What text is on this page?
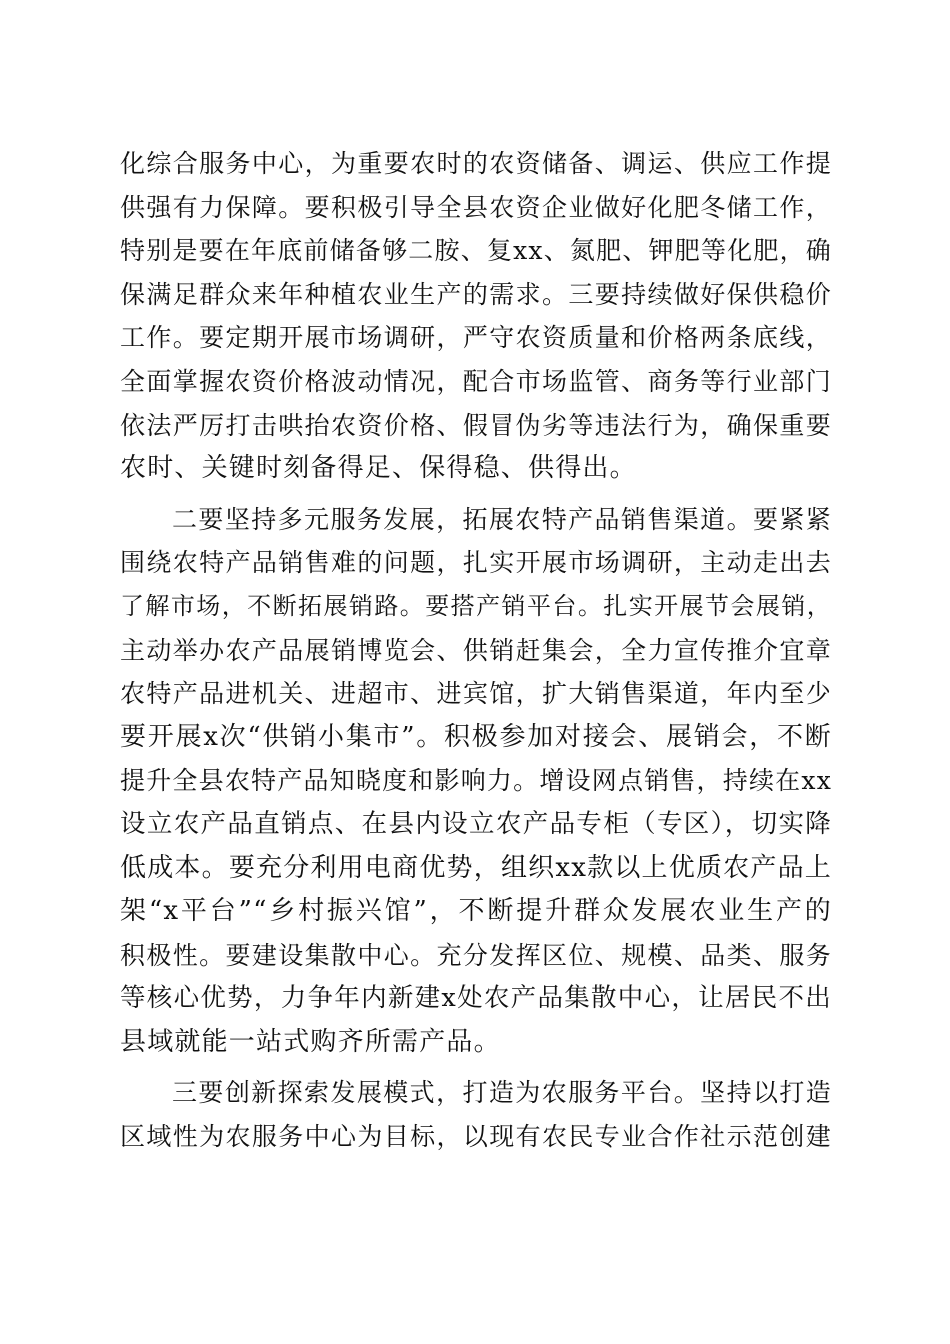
化综合服务中心，为重要农时的农资储备、调运、供应工作提
供强有力保障。要积极引导全县农资企业做好化肥冬储工作，
特别是要在年底前储备够二胺、复xx、氮肥、钾肥等化肥，确
保满足群众来年种植农业生产的需求。三要持续做好保供稳价
工作。要定期开展市场调研，严守农资质量和价格两条底线，
全面掌握农资价格波动情况，配合市场监管、商务等行业部门
依法严厉打击哄抬农资价格、假冒伪劣等违法行为，确保重要
农时、关键时刻备得足、保得稳、供得出。
二要坚持多元服务发展，拓展农特产品销售渠道。要紧紧
围绕农特产品销售难的问题，扎实开展市场调研，主动走出去
了解市场，不断拓展销路。要搭产销平台。扎实开展节会展销，
主动举办农产品展销博览会、供销赶集会，全力宣传推介宜章
农特产品进机关、进超市、进宾馆，扩大销售渠道，年内至少
要开展x次“供销小集市”。积极参加对接会、展销会，不断
提升全县农特产品知晓度和影响力。增设网点销售，持续在xx
设立农产品直销点、在县内设立农产品专柜（专区），切实降
低成本。要充分利用电商优势，组织xx款以上优质农产品上
架“x平台”“乡村振兴馆”，不断提升群众发展农业生产的
积极性。要建设集散中心。充分发挥区位、规模、品类、服务
等核心优势，力争年内新建x处农产品集散中心，让居民不出
县域就能一站式购齐所需产品。
三要创新探索发展模式，打造为农服务平台。坚持以打造
区域性为农服务中心为目标，以现有农民专业合作社示范创建
